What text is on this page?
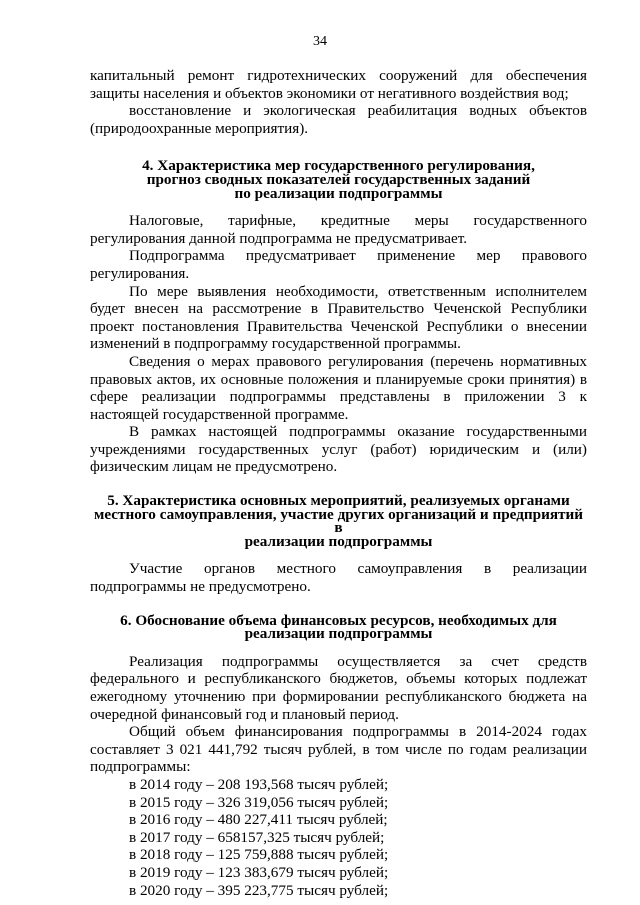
34

капитальный ремонт гидротехнических сооружений для обеспечения защиты населения и объектов экономики от негативного воздействия вод;

восстановление и экологическая реабилитация водных объектов (природоохранные мероприятия).

4. Характеристика мер государственного регулирования,
прогноз сводных показателей государственных заданий
по реализации подпрограммы

Налоговые, тарифные, кредитные меры государственного регулирования данной подпрограмма не предусматривает.

Подпрограмма предусматривает применение мер правового регулирования.

По мере выявления необходимости, ответственным исполнителем будет внесен на рассмотрение в Правительство Чеченской Республики проект постановления Правительства Чеченской Республики о внесении изменений в подпрограмму государственной программы.

Сведения о мерах правового регулирования (перечень нормативных правовых актов, их основные положения и планируемые сроки принятия) в сфере реализации подпрограммы представлены в приложении 3 к настоящей государственной программе.

В рамках настоящей подпрограммы оказание государственными учреждениями государственных услуг (работ) юридическим и (или) физическим лицам не предусмотрено.

5. Характеристика основных мероприятий, реализуемых органами
местного самоуправления, участие других организаций и предприятий в
реализации подпрограммы

Участие органов местного самоуправления в реализации подпрограммы не предусмотрено.

6. Обоснование объема финансовых ресурсов, необходимых для
реализации подпрограммы

Реализация подпрограммы осуществляется за счет средств федерального и республиканского бюджетов, объемы которых подлежат ежегодному уточнению при формировании республиканского бюджета на очередной финансовый год и плановый период.

Общий объем финансирования подпрограммы в 2014-2024 годах составляет 3 021 441,792 тысяч рублей, в том числе по годам реализации подпрограммы:

в 2014 году – 208 193,568 тысяч рублей;
в 2015 году – 326 319,056 тысяч рублей;
в 2016 году – 480 227,411 тысяч рублей;
в 2017 году – 658157,325 тысяч рублей;
в 2018 году – 125 759,888 тысяч рублей;
в 2019 году – 123 383,679 тысяч рублей;
в 2020 году – 395 223,775 тысяч рублей;
